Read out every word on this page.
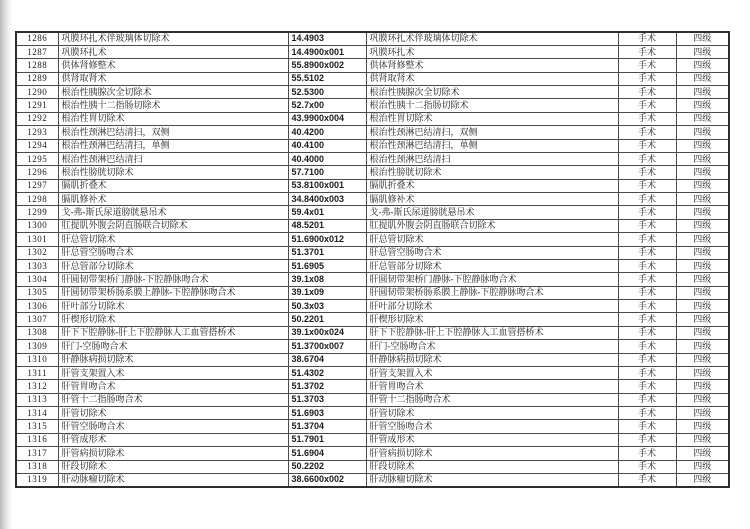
1286	巩膜环扎术伴玻璃体切除术	14.4903	巩膜环扎术伴玻璃体切除术	手术	四级
1287	巩膜环扎术	14.4900x001	巩膜环扎术	手术	四级
1288	供体肾修整术	55.8900x002	供体肾修整术	手术	四级
1289	供肾取肾术	55.5102	供肾取肾术	手术	四级
1290	根治性胰腺次全切除术	52.5300	根治性胰腺次全切除术	手术	四级
1291	根治性胰十二指肠切除术	52.7x00	根治性胰十二指肠切除术	手术	四级
1292	根治性胃切除术	43.9900x004	根治性胃切除术	手术	四级
1293	根治性颈淋巴结清扫，双侧	40.4200	根治性颈淋巴结清扫，双侧	手术	四级
1294	根治性颈淋巴结清扫，单侧	40.4100	根治性颈淋巴结清扫，单侧	手术	四级
1295	根治性颈淋巴结清扫	40.4000	根治性颈淋巴结清扫	手术	四级
1296	根治性膀胱切除术	57.7100	根治性膀胱切除术	手术	四级
1297	膈肌折叠术	53.8100x001	膈肌折叠术	手术	四级
1298	膈肌修补术	34.8400x003	膈肌修补术	手术	四级
1299	戈-弗-斯氏尿道膀胱悬吊术	59.4x01	戈-弗-斯氏尿道膀胱悬吊术	手术	四级
1300	肛提肌外腹会阴直肠联合切除术	48.5201	肛提肌外腹会阴直肠联合切除术	手术	四级
1301	肝总管切除术	51.6900x012	肝总管切除术	手术	四级
1302	肝总管空肠吻合术	51.3701	肝总管空肠吻合术	手术	四级
1303	肝总管部分切除术	51.6905	肝总管部分切除术	手术	四级
1304	肝圆韧带架桥门静脉-下腔静脉吻合术	39.1x08	肝圆韧带架桥门静脉-下腔静脉吻合术	手术	四级
1305	肝圆韧带架桥肠系膜上静脉-下腔静脉吻合术	39.1x09	肝圆韧带架桥肠系膜上静脉-下腔静脉吻合术	手术	四级
1306	肝叶部分切除术	50.3x03	肝叶部分切除术	手术	四级
1307	肝楔形切除术	50.2201	肝楔形切除术	手术	四级
1308	肝下下腔静脉-肝上下腔静脉人工血管搭桥术	39.1x00x024	肝下下腔静脉-肝上下腔静脉人工血管搭桥术	手术	四级
1309	肝门-空肠吻合术	51.3700x007	肝门-空肠吻合术	手术	四级
1310	肝静脉病损切除术	38.6704	肝静脉病损切除术	手术	四级
1311	肝管支架置入术	51.4302	肝管支架置入术	手术	四级
1312	肝管胃吻合术	51.3702	肝管胃吻合术	手术	四级
1313	肝管十二指肠吻合术	51.3703	肝管十二指肠吻合术	手术	四级
1314	肝管切除术	51.6903	肝管切除术	手术	四级
1315	肝管空肠吻合术	51.3704	肝管空肠吻合术	手术	四级
1316	肝管成形术	51.7901	肝管成形术	手术	四级
1317	肝管病损切除术	51.6904	肝管病损切除术	手术	四级
1318	肝段切除术	50.2202	肝段切除术	手术	四级
1319	肝动脉瘤切除术	38.6600x002	肝动脉瘤切除术	手术	四级
